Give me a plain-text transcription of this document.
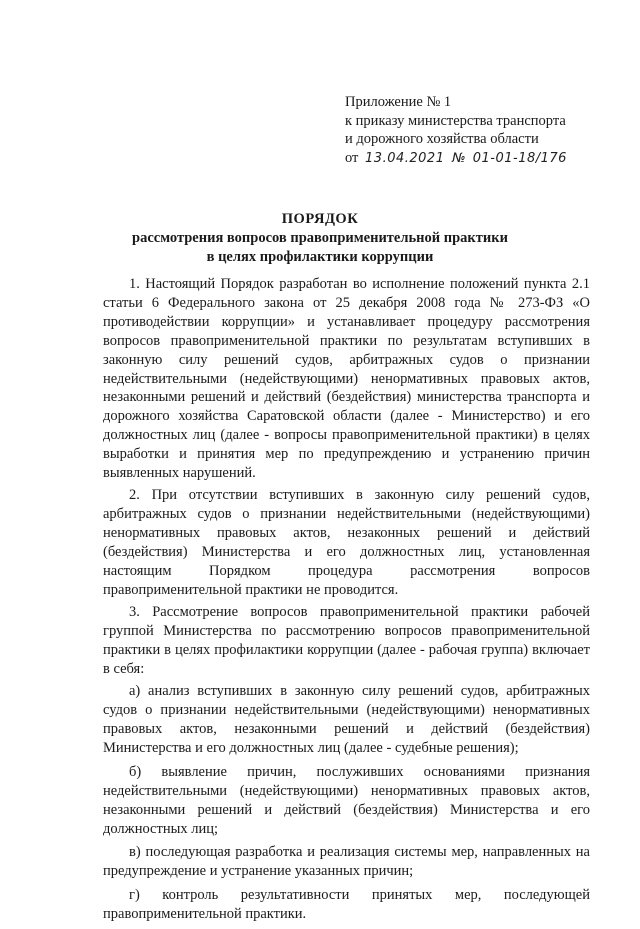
Приложение № 1
к приказу министерства транспорта
и дорожного хозяйства области
от 13.04.2021 № 01-01-18/176
ПОРЯДОК
рассмотрения вопросов правоприменительной практики
в целях профилактики коррупции

1. Настоящий Порядок разработан во исполнение положений пункта 2.1 статьи 6 Федерального закона от 25 декабря 2008 года № 273-ФЗ «О противодействии коррупции» и устанавливает процедуру рассмотрения вопросов правоприменительной практики по результатам вступивших в законную силу решений судов, арбитражных судов о признании недействительными (недействующими) ненормативных правовых актов, незаконными решений и действий (бездействия) министерства транспорта и дорожного хозяйства Саратовской области (далее - Министерство) и его должностных лиц (далее - вопросы правоприменительной практики) в целях выработки и принятия мер по предупреждению и устранению причин выявленных нарушений.

2. При отсутствии вступивших в законную силу решений судов, арбитражных судов о признании недействительными (недействующими) ненормативных правовых актов, незаконных решений и действий (бездействия) Министерства и его должностных лиц, установленная настоящим Порядком процедура рассмотрения вопросов правоприменительной практики не проводится.

3. Рассмотрение вопросов правоприменительной практики рабочей группой Министерства по рассмотрению вопросов правоприменительной практики в целях профилактики коррупции (далее - рабочая группа) включает в себя:

а) анализ вступивших в законную силу решений судов, арбитражных судов о признании недействительными (недействующими) ненормативных правовых актов, незаконными решений и действий (бездействия) Министерства и его должностных лиц (далее - судебные решения);

б) выявление причин, послуживших основаниями признания недействительными (недействующими) ненормативных правовых актов, незаконными решений и действий (бездействия) Министерства и его должностных лиц;

в) последующая разработка и реализация системы мер, направленных на предупреждение и устранение указанных причин;

г) контроль результативности принятых мер, последующей правоприменительной практики.
